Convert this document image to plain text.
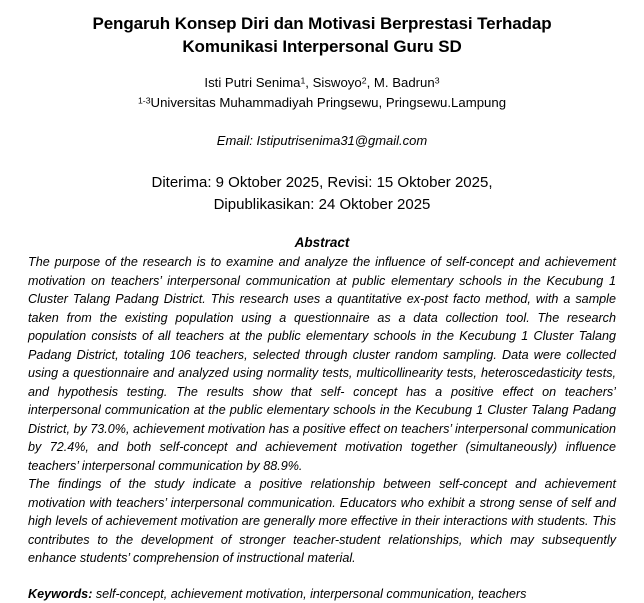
Pengaruh Konsep Diri dan Motivasi Berprestasi Terhadap
Komunikasi Interpersonal Guru SD

Isti Putri Senima$^1$, Siswoyo$^2$, M. Badrun$^3$

$^{1-3}$Universitas Muhammadiyah Pringsewu, Pringsewu.Lampung

Email: Istiputrisenima31@gmail.com

Diterima: 9 Oktober 2025, Revisi: 15 Oktober 2025,
Dipublikasikan: 24 Oktober 2025

Abstract

The purpose of the research is to examine and analyze the influence of self-concept and achievement motivation on teachers’ interpersonal communication at public elementary schools in the Kecubung 1 Cluster Talang Padang District. This research uses a quantitative ex-post facto method, with a sample taken from the existing population using a questionnaire as a data collection tool. The research population consists of all teachers at the public elementary schools in the Kecubung 1 Cluster Talang Padang District, totaling 106 teachers, selected through cluster random sampling. Data were collected using a questionnaire and analyzed using normality tests, multicollinearity tests, heteroscedasticity tests, and hypothesis testing. The results show that self- concept has a positive effect on teachers’ interpersonal communication at the public elementary schools in the Kecubung 1 Cluster Talang Padang District, by 73.0%, achievement motivation has a positive effect on teachers’ interpersonal communication by 72.4%, and both self-concept and achievement motivation together (simultaneously) influence teachers’ interpersonal communication by 88.9%.

The findings of the study indicate a positive relationship between self-concept and achievement motivation with teachers’ interpersonal communication. Educators who exhibit a strong sense of self and high levels of achievement motivation are generally more effective in their interactions with students. This contributes to the development of stronger teacher-student relationships, which may subsequently enhance students’ comprehension of instructional material.

Keywords: self-concept, achievement motivation, interpersonal communication, teachers
